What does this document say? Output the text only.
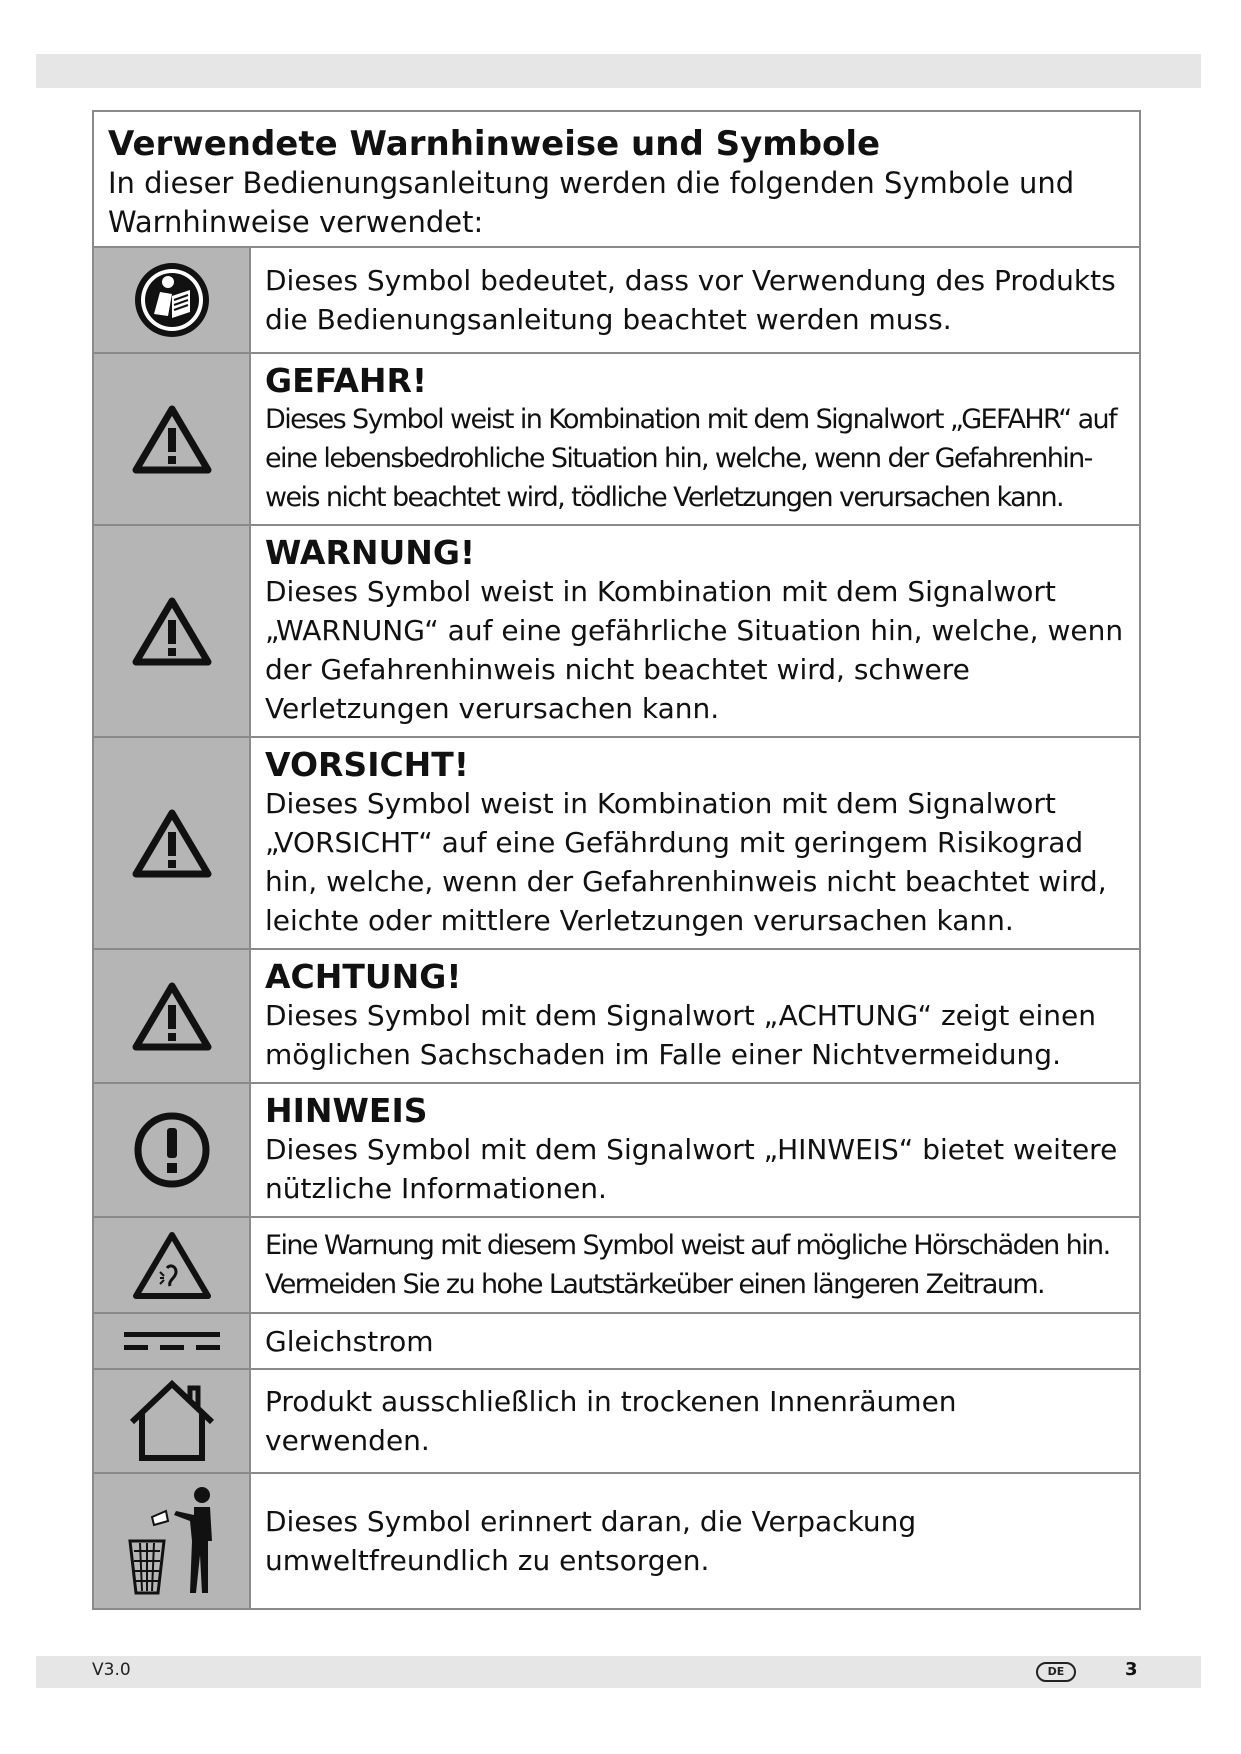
Verwendete Warnhinweise und Symbole
In dieser Bedienungsanleitung werden die folgenden Symbole und Warnhinweise verwendet:
Dieses Symbol bedeutet, dass vor Verwendung des Produkts die Bedienungsanleitung beachtet werden muss.
GEFAHR!
Dieses Symbol weist in Kombination mit dem Signalwort „GEFAHR“ auf eine lebensbedrohliche Situation hin, welche, wenn der Gefahrenhin-weis nicht beachtet wird, tödliche Verletzungen verursachen kann.
WARNUNG!
Dieses Symbol weist in Kombination mit dem Signalwort „WARNUNG“ auf eine gefährliche Situation hin, welche, wenn der Gefahrenhinweis nicht beachtet wird, schwere Verletzungen verursachen kann.
VORSICHT!
Dieses Symbol weist in Kombination mit dem Signalwort „VORSICHT“ auf eine Gefährdung mit geringem Risikograd hin, welche, wenn der Gefahrenhinweis nicht beachtet wird, leichte oder mittlere Verletzungen verursachen kann.
ACHTUNG!
Dieses Symbol mit dem Signalwort „ACHTUNG“ zeigt einen möglichen Sachschaden im Falle einer Nichtvermeidung.
HINWEIS
Dieses Symbol mit dem Signalwort „HINWEIS“ bietet weitere nützliche Informationen.
Eine Warnung mit diesem Symbol weist auf mögliche Hörschäden hin. Vermeiden Sie zu hohe Lautstärkeüber einen längeren Zeitraum.
Gleichstrom
Produkt ausschließlich in trockenen Innenräumen verwenden.
Dieses Symbol erinnert daran, die Verpackung umweltfreundlich zu entsorgen.
V3.0	DE	3
